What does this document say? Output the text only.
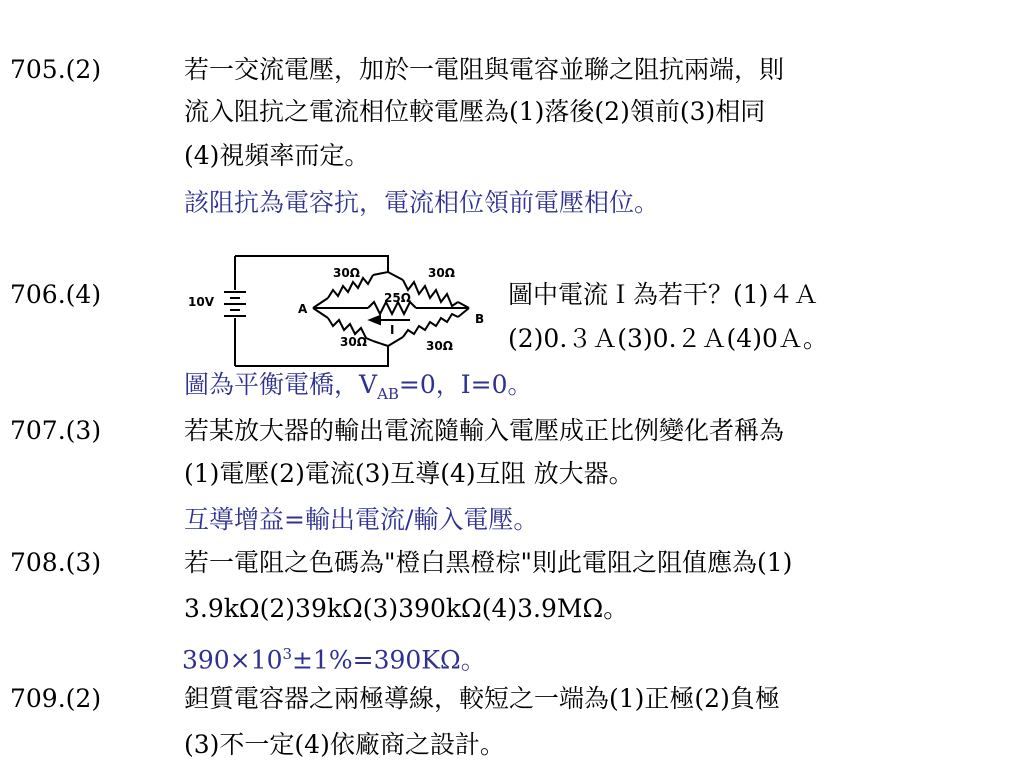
705.(2)	若一交流電壓，加於一電阻與電容並聯之阻抗兩端，則
流入阻抗之電流相位較電壓為(1)落後(2)領前(3)相同
(4)視頻率而定。
該阻抗為電容抗，電流相位領前電壓相位。
706.(4)	10V	A
B
30Ω	30Ω
30Ω	30Ω
25Ω
I
圖中電流Ｉ為若干？(1)４Ａ
(2)0.３Ａ(3)0.２Ａ(4)0Ａ。
圖為平衡電橋，$V_{AB}=0$，I=0。
707.(3)	若某放大器的輸出電流隨輸入電壓成正比例變化者稱為
(1)電壓(2)電流(3)互導(4)互阻 放大器。
互導增益=輸出電流/輸入電壓。
708.(3)	若一電阻之色碼為"橙白黑橙棕"則此電阻之阻值應為(1)
3.9kΩ(2)39kΩ(3)390kΩ(4)3.9MΩ。
$390\times 10^3\pm 1\%=390K\Omega$。
709.(2)	鉭質電容器之兩極導線，較短之一端為(1)正極(2)負極
(3)不一定(4)依廠商之設計。
